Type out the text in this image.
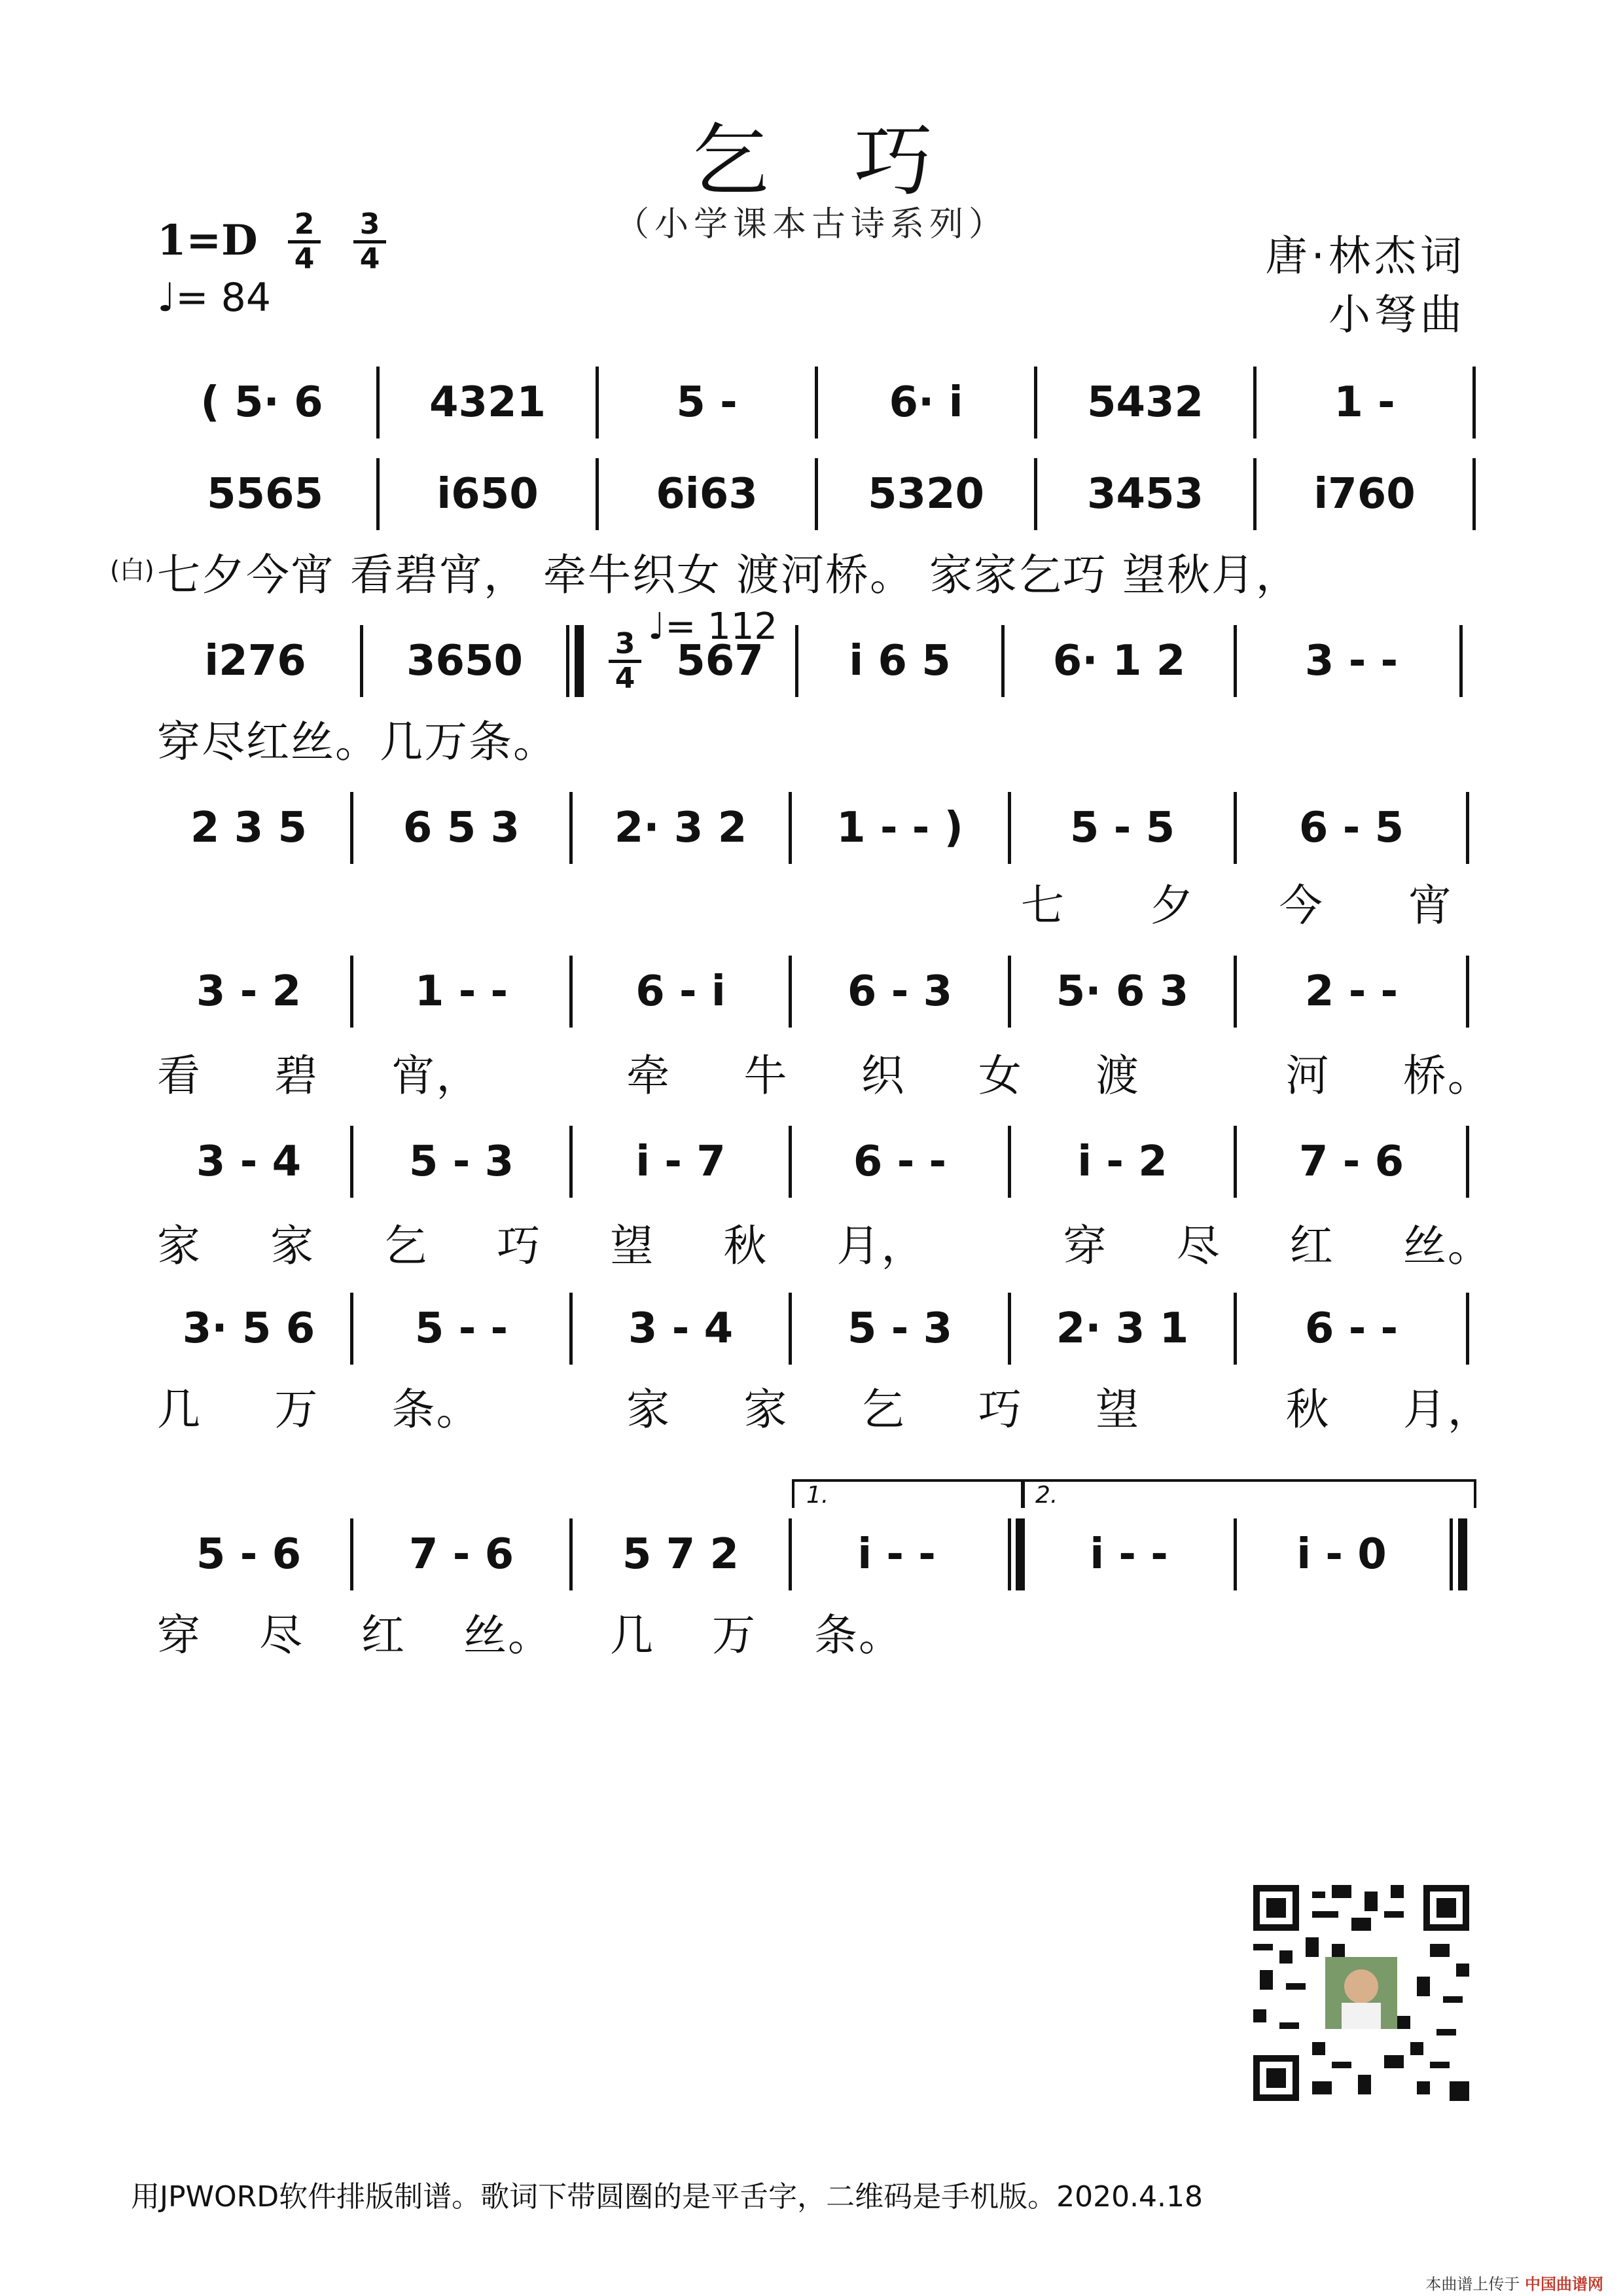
乞巧
（小学课本古诗系列）
1=D 2
4
3
4
♩= 84
唐·林杰词
小弩曲
( 5· 6	4321	5 -	6· i	5432	1 -
5565	i650	6i63	5320	3453	i760
(白) 七夕今宵 看碧宵， 牵牛织女 渡河桥。 家家乞巧 望秋月，
♩= 112
i276	3650	3
4 567	i 6 5	6· 1 2	3 - -
穿尽红丝。几万条。
2 3 5	6 5 3	2· 3 2	1 - - )	5 - 5	6 - 5
七 夕 今 宵
3 - 2	1 - -	6 - i	6 - 3	5· 6 3	2 - -
看 碧 宵，	牵 牛 织 女 渡	河 桥。
3 - 4	5 - 3	i - 7	6 - -	i - 2	7 - 6
家 家 乞 巧 望 秋 月，	穿 尽 红 丝。
3· 5 6	5 - -	3 - 4	5 - 3	2· 3 1	6 - -
几 万 条。	家 家 乞 巧 望	秋 月，
1.	2.
5 - 6	7 - 6	5 7 2	i - -	i - -	i - 0
穿 尽 红 丝。 几 万 条。
用JPWORD软件排版制谱。歌词下带圆圈的是平舌字，二维码是手机版。2020.4.18
本曲谱上传于 中国曲谱网
